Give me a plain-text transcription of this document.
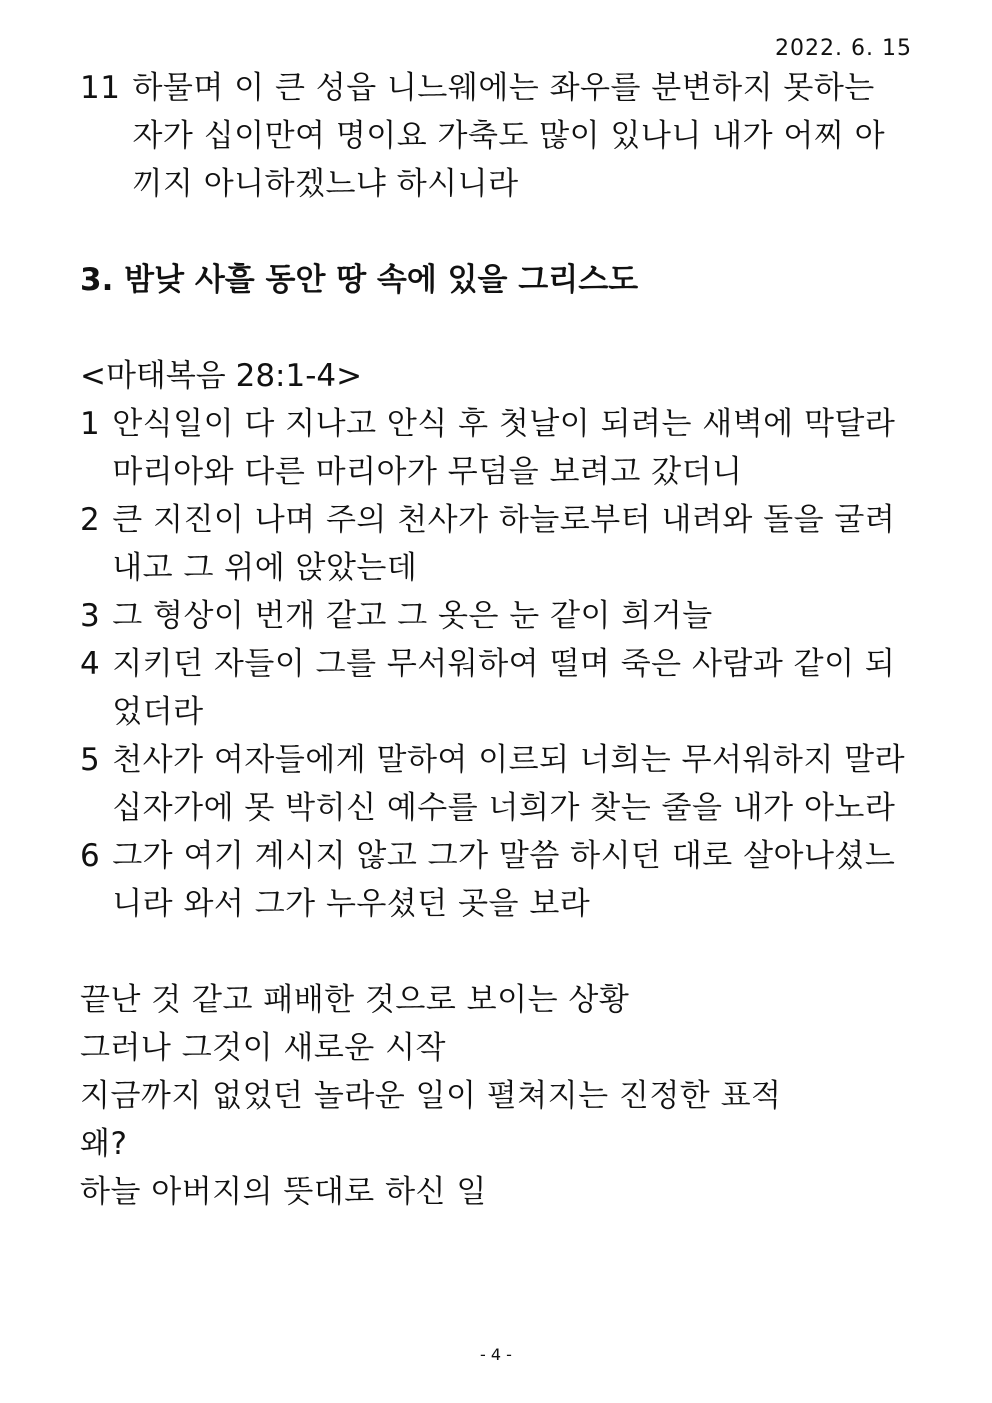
2022. 6. 15
11 하물며 이 큰 성읍 니느웨에는 좌우를 분변하지 못하는
자가 십이만여 명이요 가축도 많이 있나니 내가 어찌 아
끼지 아니하겠느냐 하시니라
3. 밤낮 사흘 동안 땅 속에 있을 그리스도
<마태복음 28:1-4>
1 안식일이 다 지나고 안식 후 첫날이 되려는 새벽에 막달라
마리아와 다른 마리아가 무덤을 보려고 갔더니
2 큰 지진이 나며 주의 천사가 하늘로부터 내려와 돌을 굴려
내고 그 위에 앉았는데
3 그 형상이 번개 같고 그 옷은 눈 같이 희거늘
4 지키던 자들이 그를 무서워하여 떨며 죽은 사람과 같이 되
었더라
5 천사가 여자들에게 말하여 이르되 너희는 무서워하지 말라
십자가에 못 박히신 예수를 너희가 찾는 줄을 내가 아노라
6 그가 여기 계시지 않고 그가 말씀 하시던 대로 살아나셨느
니라 와서 그가 누우셨던 곳을 보라
끝난 것 같고 패배한 것으로 보이는 상황
그러나 그것이 새로운 시작
지금까지 없었던 놀라운 일이 펼쳐지는 진정한 표적
왜?
하늘 아버지의 뜻대로 하신 일
- 4 -
